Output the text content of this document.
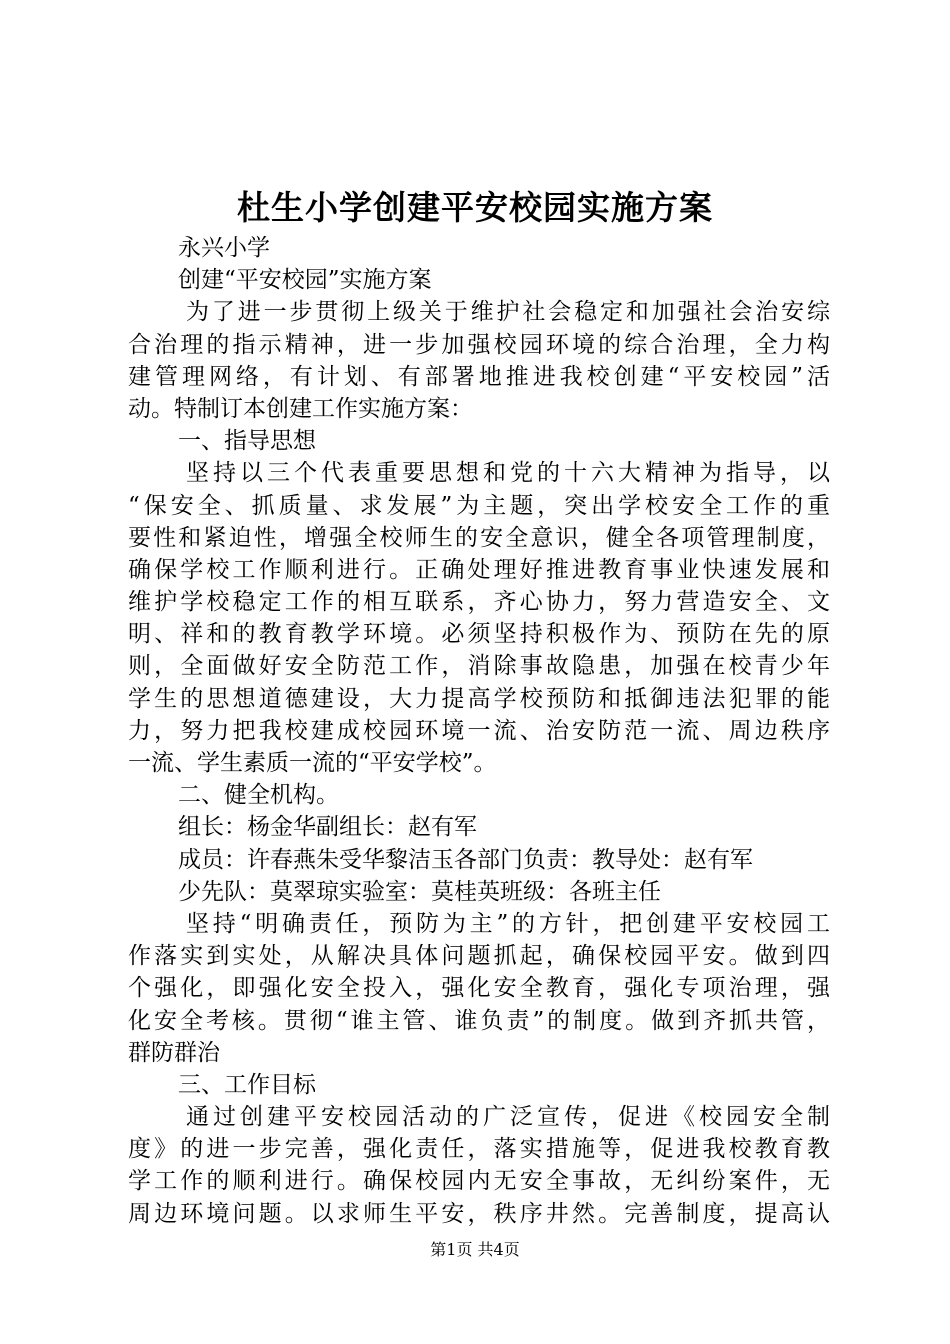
杜生小学创建平安校园实施方案
永兴小学
创建“平安校园”实施方案
为了进一步贯彻上级关于维护社会稳定和加强社会治安综
合治理的指示精神，进一步加强校园环境的综合治理，全力构
建管理网络，有计划、有部署地推进我校创建“平安校园”活
动。特制订本创建工作实施方案：
一、指导思想
坚持以三个代表重要思想和党的十六大精神为指导，以
“保安全、抓质量、求发展”为主题，突出学校安全工作的重
要性和紧迫性，增强全校师生的安全意识，健全各项管理制度，
确保学校工作顺利进行。正确处理好推进教育事业快速发展和
维护学校稳定工作的相互联系，齐心协力，努力营造安全、文
明、祥和的教育教学环境。必须坚持积极作为、预防在先的原
则，全面做好安全防范工作，消除事故隐患，加强在校青少年
学生的思想道德建设，大力提高学校预防和抵御违法犯罪的能
力，努力把我校建成校园环境一流、治安防范一流、周边秩序
一流、学生素质一流的“平安学校”。
二、健全机构。
组长：杨金华副组长：赵有军
成员：许春燕朱受华黎洁玉各部门负责：教导处：赵有军
少先队：莫翠琼实验室：莫桂英班级：各班主任
坚持“明确责任，预防为主”的方针，把创建平安校园工
作落实到实处，从解决具体问题抓起，确保校园平安。做到四
个强化，即强化安全投入，强化安全教育，强化专项治理，强
化安全考核。贯彻“谁主管、谁负责”的制度。做到齐抓共管，
群防群治
三、工作目标
通过创建平安校园活动的广泛宣传，促进《校园安全制
度》的进一步完善，强化责任，落实措施等，促进我校教育教
学工作的顺利进行。确保校园内无安全事故，无纠纷案件，无
周边环境问题。以求师生平安，秩序井然。完善制度，提高认
第1页 共4页
